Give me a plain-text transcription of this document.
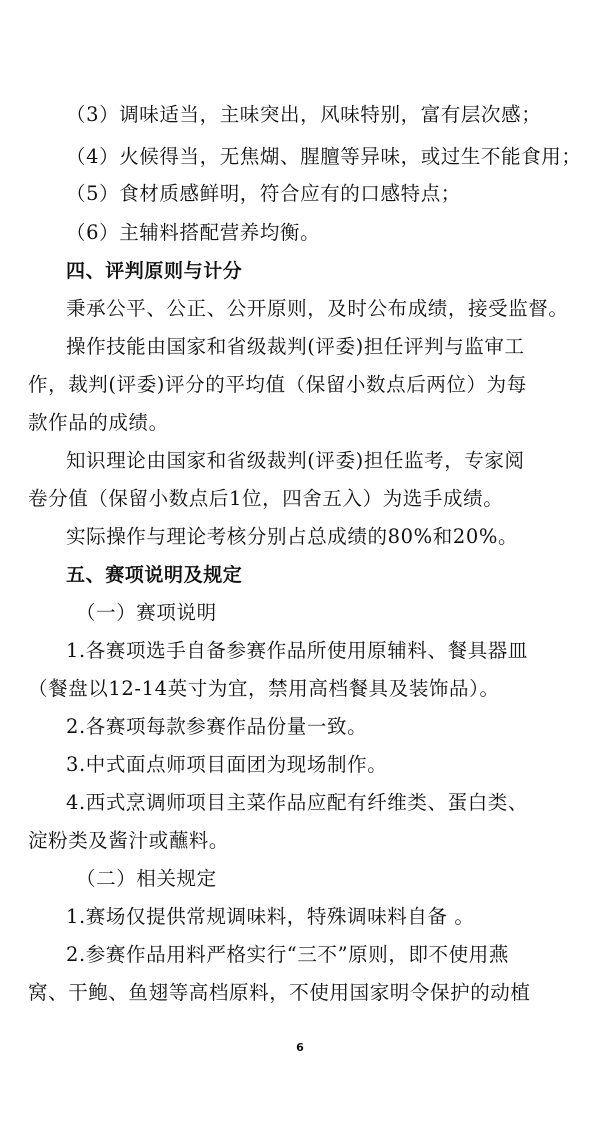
（3）调味适当，主味突出，风味特别，富有层次感；
（4）火候得当，无焦煳、腥膻等异味，或过生不能食用；
（5）食材质感鲜明，符合应有的口感特点；
（6）主辅料搭配营养均衡。
四、评判原则与计分
秉承公平、公正、公开原则，及时公布成绩，接受监督。
操作技能由国家和省级裁判(评委)担任评判与监审工
作，裁判(评委)评分的平均值（保留小数点后两位）为每
款作品的成绩。
知识理论由国家和省级裁判(评委)担任监考，专家阅
卷分值（保留小数点后1位，四舍五入）为选手成绩。
实际操作与理论考核分别占总成绩的80%和20%。
五、赛项说明及规定
（一）赛项说明
1.各赛项选手自备参赛作品所使用原辅料、餐具器皿
（餐盘以12-14英寸为宜，禁用高档餐具及装饰品）。
2.各赛项每款参赛作品份量一致。
3.中式面点师项目面团为现场制作。
4.西式烹调师项目主菜作品应配有纤维类、蛋白类、
淀粉类及酱汁或蘸料。
（二）相关规定
1.赛场仅提供常规调味料，特殊调味料自备 。
2.参赛作品用料严格实行“三不”原则，即不使用燕
窝、干鲍、鱼翅等高档原料，不使用国家明令保护的动植
6
